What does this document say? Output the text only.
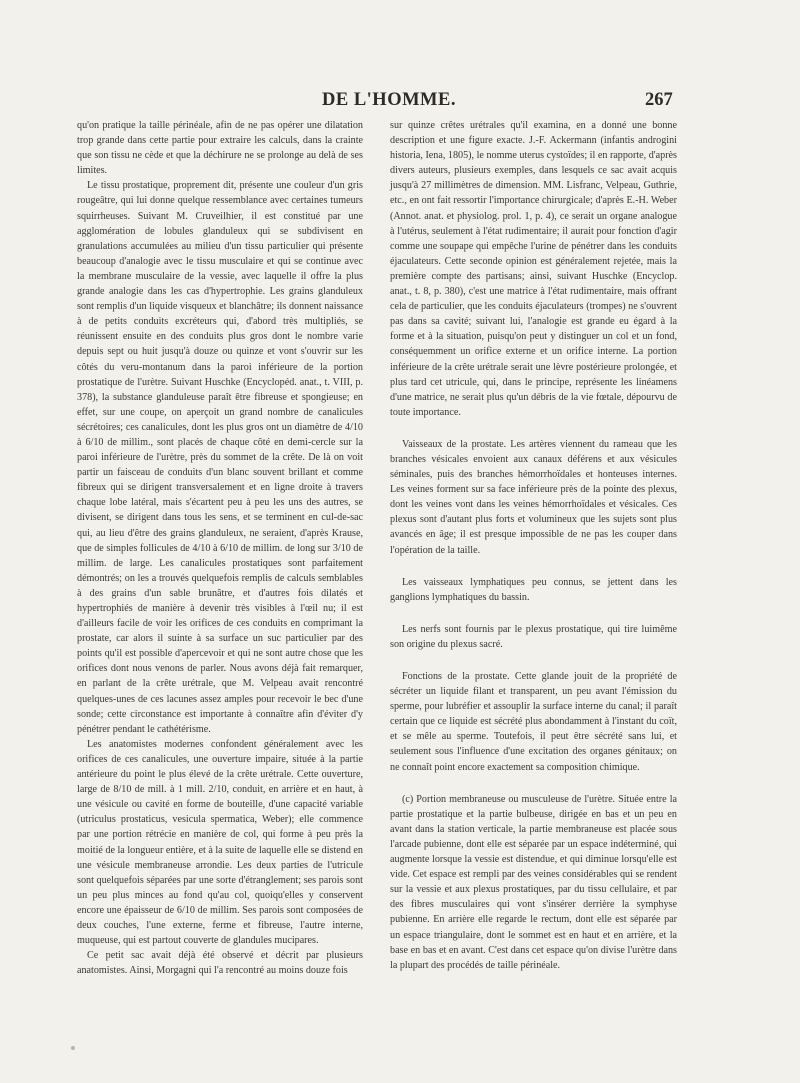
DE L'HOMME.	267

qu'on pratique la taille périnéale, afin de ne pas opérer une dilatation trop grande dans cette partie pour extraire les calculs, dans la crainte que son tissu ne cède et que la déchirure ne se prolonge au delà de ses limites.

Le tissu prostatique, proprement dit, présente une couleur d'un gris rougeâtre, qui lui donne quelque ressemblance avec certaines tumeurs squirrheuses. Suivant M. Cruveilhier, il est constitué par une agglomération de lobules glanduleux qui se subdivisent en granulations accumulées au milieu d'un tissu particulier qui présente beaucoup d'analogie avec le tissu musculaire et qui se continue avec la membrane musculaire de la vessie, avec laquelle il offre la plus grande analogie dans les cas d'hypertrophie. Les grains glanduleux sont remplis d'un liquide visqueux et blanchâtre; ils donnent naissance à de petits conduits excréteurs qui, d'abord très multipliés, se réunissent ensuite en des conduits plus gros dont le nombre varie depuis sept ou huit jusqu'à douze ou quinze et vont s'ouvrir sur les côtés du veru-montanum dans la paroi inférieure de la portion prostatique de l'urètre. Suivant Huschke (Encyclopéd. anat., t. VIII, p. 378), la substance glanduleuse paraît être fibreuse et spongieuse; en effet, sur une coupe, on aperçoit un grand nombre de canalicules sécrétoires; ces canalicules, dont les plus gros ont un diamètre de 4/10 à 6/10 de millim., sont placés de chaque côté en demi-cercle sur la paroi inférieure de l'urètre, près du sommet de la crête. De là on voit partir un faisceau de conduits d'un blanc souvent brillant et comme fibreux qui se dirigent transversalement et en ligne droite à travers chaque lobe latéral, mais s'écartent peu à peu les uns des autres, se divisent, se dirigent dans tous les sens, et se terminent en cul-de-sac qui, au lieu d'être des grains glanduleux, ne seraient, d'après Krause, que de simples follicules de 4/10 à 6/10 de millim. de long sur 3/10 de millim. de large. Les canalicules prostatiques sont parfaitement démontrés; on les a trouvés quelquefois remplis de calculs semblables à des grains d'un sable brunâtre, et d'autres fois dilatés et hypertrophiés de manière à devenir très visibles à l'œil nu; il est d'ailleurs facile de voir les orifices de ces conduits en comprimant la prostate, car alors il suinte à sa surface un suc particulier par des points qu'il est possible d'apercevoir et qui ne sont autre chose que les orifices dont nous venons de parler. Nous avons déjà fait remarquer, en parlant de la crête urétrale, que M. Velpeau avait rencontré quelques-unes de ces lacunes assez amples pour recevoir le bec d'une sonde; cette circonstance est importante à connaître afin d'éviter d'y pénétrer pendant le cathétérisme.

Les anatomistes modernes confondent généralement avec les orifices de ces canalicules, une ouverture impaire, située à la partie antérieure du point le plus élevé de la crête urétrale. Cette ouverture, large de 8/10 de mill. à 1 mill. 2/10, conduit, en arrière et en haut, à une vésicule ou cavité en forme de bouteille, d'une capacité variable (utriculus prostaticus, vesicula spermatica, Weber); elle commence par une portion rétrécie en manière de col, qui forme à peu près la moitié de la longueur entière, et à la suite de laquelle elle se distend en une vésicule membraneuse arrondie. Les deux parties de l'utricule sont quelquefois séparées par une sorte d'étranglement; ses parois sont un peu plus minces au fond qu'au col, quoiqu'elles y conservent encore une épaisseur de 6/10 de millim. Ses parois sont composées de deux couches, l'une externe, ferme et fibreuse, l'autre interne, muqueuse, qui est partout couverte de glandules mucipares.

Ce petit sac avait déjà été observé et décrit par plusieurs anatomistes. Ainsi, Morgagni qui l'a rencontré au moins douze fois

sur quinze crêtes urétrales qu'il examina, en a donné une bonne description et une figure exacte. J.-F. Ackermann (infantis androgini historia, Iena, 1805), le nomme uterus cystoïdes; il en rapporte, d'après divers auteurs, plusieurs exemples, dans lesquels ce sac avait acquis jusqu'à 27 millimètres de dimension. MM. Lisfranc, Velpeau, Guthrie, etc., en ont fait ressortir l'importance chirurgicale; d'après E.-H. Weber (Annot. anat. et physiolog. prol. 1, p. 4), ce serait un organe analogue à l'utérus, seulement à l'état rudimentaire; il aurait pour fonction d'agir comme une soupape qui empêche l'urine de pénétrer dans les conduits éjaculateurs. Cette seconde opinion est généralement rejetée, mais la première compte des partisans; ainsi, suivant Huschke (Encyclop. anat., t. 8, p. 380), c'est une matrice à l'état rudimentaire, mais offrant cela de particulier, que les conduits éjaculateurs (trompes) ne s'ouvrent pas dans sa cavité; suivant lui, l'analogie est grande eu égard à la forme et à la situation, puisqu'on peut y distinguer un col et un fond, conséquemment un orifice externe et un orifice interne. La portion inférieure de la crête urétrale serait une lèvre postérieure prolongée, et plus tard cet utricule, qui, dans le principe, représente les linéamens d'une matrice, ne serait plus qu'un débris de la vie fœtale, dépourvu de toute importance.

Vaisseaux de la prostate. Les artères viennent du rameau que les branches vésicales envoient aux canaux déférens et aux vésicules séminales, puis des branches hémorrhoïdales et honteuses internes. Les veines forment sur sa face inférieure près de la pointe des plexus, dont les veines vont dans les veines hémorrhoïdales et vésicales. Ces plexus sont d'autant plus forts et volumineux que les sujets sont plus avancés en âge; il est presque impossible de ne pas les couper dans l'opération de la taille.

Les vaisseaux lymphatiques peu connus, se jettent dans les ganglions lymphatiques du bassin.

Les nerfs sont fournis par le plexus prostatique, qui tire luimême son origine du plexus sacré.

Fonctions de la prostate. Cette glande jouit de la propriété de sécréter un liquide filant et transparent, un peu avant l'émission du sperme, pour lubréfier et assouplir la surface interne du canal; il paraît certain que ce liquide est sécrété plus abondamment à l'instant du coït, et se mêle au sperme. Toutefois, il peut être sécrété sans lui, et seulement sous l'influence d'une excitation des organes génitaux; on ne connaît point encore exactement sa composition chimique.

(c) Portion membraneuse ou musculeuse de l'urètre. Située entre la partie prostatique et la partie bulbeuse, dirigée en bas et un peu en avant dans la station verticale, la partie membraneuse est placée sous l'arcade pubienne, dont elle est séparée par un espace indéterminé, qui augmente lorsque la vessie est distendue, et qui diminue lorsqu'elle est vide. Cet espace est rempli par des veines considérables qui se rendent sur la vessie et aux plexus prostatiques, par du tissu cellulaire, et par des fibres musculaires qui vont s'insérer derrière la symphyse pubienne. En arrière elle regarde le rectum, dont elle est séparée par un espace triangulaire, dont le sommet est en haut et en arrière, et la base en bas et en avant. C'est dans cet espace qu'on divise l'urètre dans la plupart des procédés de taille périnéale.
